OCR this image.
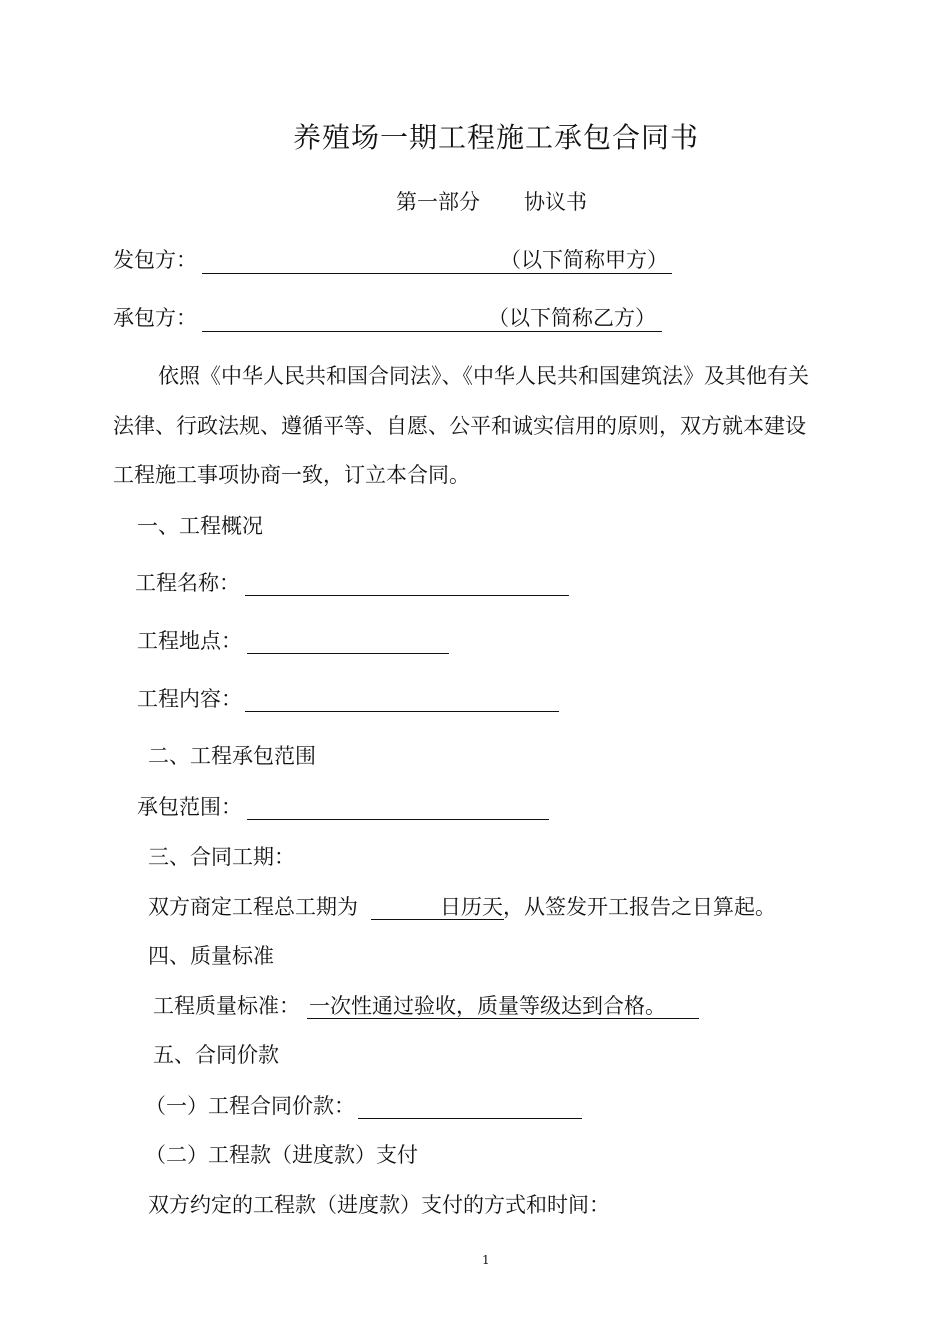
养殖场一期工程施工承包合同书
第一部分 协议书
发包方：	（以下简称甲方）
承包方：	（以下简称乙方）
依照《中华人民共和国合同法》、《中华人民共和国建筑法》及其他有关
法律、行政法规、遵循平等、自愿、公平和诚实信用的原则，双方就本建设
工程施工事项协商一致，订立本合同。
一、工程概况
工程名称：
工程地点：
工程内容：
二、工程承包范围
承包范围：
三、合同工期：
双方商定工程总工期为	日历天 ，从签发开工报告之日算起。
四、质量标准
工程质量标准： 一次性通过验收，质量等级达到合格。
五、合同价款
（一）工程合同价款：
（二）工程款（进度款）支付
双方约定的工程款（进度款）支付的方式和时间：
1
